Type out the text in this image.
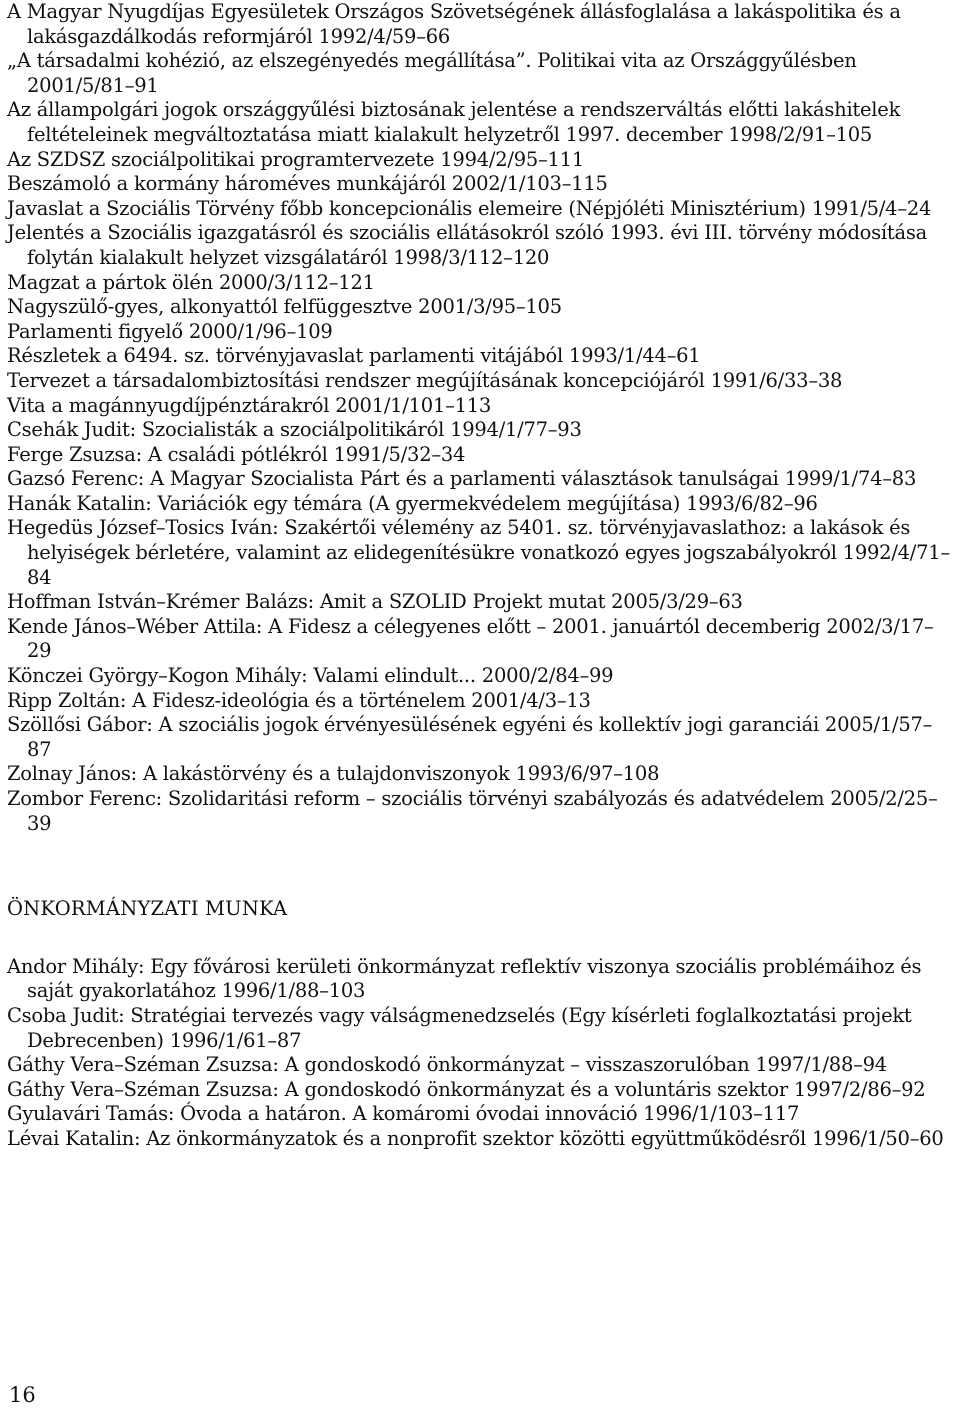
A Magyar Nyugdíjas Egyesületek Országos Szövetségének állásfoglalása a lakáspolitika és a lakásgazdálkodás reformjáról 1992/4/59–66
„A társadalmi kohézió, az elszegényedés megállítása”. Politikai vita az Országgyűlésben 2001/5/81–91
Az állampolgári jogok országgyűlési biztosának jelentése a rendszerváltás előtti lakáshitelek feltételeinek megváltoztatása miatt kialakult helyzetről 1997. december 1998/2/91–105
Az SZDSZ szociálpolitikai programtervezete 1994/2/95–111
Beszámoló a kormány hároméves munkájáról 2002/1/103–115
Javaslat a Szociális Törvény főbb koncepcionális elemeire (Népjóléti Minisztérium) 1991/5/4–24
Jelentés a Szociális igazgatásról és szociális ellátásokról szóló 1993. évi III. törvény módosítása folytán kialakult helyzet vizsgálatáról 1998/3/112–120
Magzat a pártok ölén 2000/3/112–121
Nagyszülő-gyes, alkonyattól felfüggesztve 2001/3/95–105
Parlamenti figyelő 2000/1/96–109
Részletek a 6494. sz. törvényjavaslat parlamenti vitájából 1993/1/44–61
Tervezet a társadalombiztosítási rendszer megújításának koncepciójáról 1991/6/33–38
Vita a magánnyugdíjpénztárakról 2001/1/101–113
Csehák Judit: Szocialisták a szociálpolitikáról 1994/1/77–93
Ferge Zsuzsa: A családi pótlékról 1991/5/32–34
Gazsó Ferenc: A Magyar Szocialista Párt és a parlamenti választások tanulságai 1999/1/74–83
Hanák Katalin: Variációk egy témára (A gyermekvédelem megújítása) 1993/6/82–96
Hegedüs József–Tosics Iván: Szakértői vélemény az 5401. sz. törvényjavaslathoz: a lakások és helyiségek bérletére, valamint az elidegenítésükre vonatkozó egyes jogszabályokról 1992/4/71–84
Hoffman István–Krémer Balázs: Amit a SZOLID Projekt mutat 2005/3/29–63
Kende János–Wéber Attila: A Fidesz a célegyenes előtt – 2001. januártól decemberig 2002/3/17–29
Könczei György–Kogon Mihály: Valami elindult... 2000/2/84–99
Ripp Zoltán: A Fidesz-ideológia és a történelem 2001/4/3–13
Szöllősi Gábor: A szociális jogok érvényesülésének egyéni és kollektív jogi garanciái 2005/1/57–87
Zolnay János: A lakástörvény és a tulajdonviszonyok 1993/6/97–108
Zombor Ferenc: Szolidaritási reform – szociális törvényi szabályozás és adatvédelem 2005/2/25–39
ÖNKORMÁNYZATI MUNKA
Andor Mihály: Egy fővárosi kerületi önkormányzat reflektív viszonya szociális problémáihoz és saját gyakorlatához 1996/1/88–103
Csoba Judit: Stratégiai tervezés vagy válságmenedzselés (Egy kísérleti foglalkoztatási projekt Debrecenben) 1996/1/61–87
Gáthy Vera–Széman Zsuzsa: A gondoskodó önkormányzat – visszaszorulóban 1997/1/88–94
Gáthy Vera–Széman Zsuzsa: A gondoskodó önkormányzat és a voluntáris szektor 1997/2/86–92
Gyulavári Tamás: Óvoda a határon. A komáromi óvodai innováció 1996/1/103–117
Lévai Katalin: Az önkormányzatok és a nonprofit szektor közötti együttműködésről 1996/1/50–60
16
